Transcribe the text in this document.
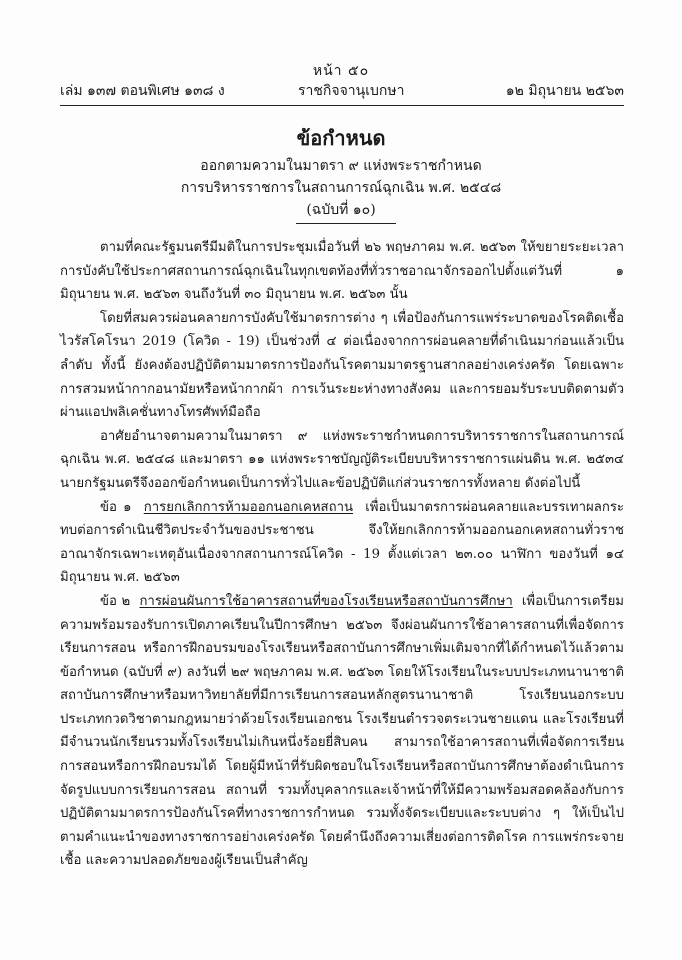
หน้า ๕๐
เล่ม ๑๓๗ ตอนพิเศษ ๑๓๘ ง	ราชกิจจานุเบกษา	๑๒ มิถุนายน ๒๕๖๓
ข้อกำหนด
ออกตามความในมาตรา ๙ แห่งพระราชกำหนด
การบริหารราชการในสถานการณ์ฉุกเฉิน พ.ศ. ๒๕๔๘
(ฉบับที่ ๑๐)

ตามที่คณะรัฐมนตรีมีมติในการประชุมเมื่อวันที่ ๒๖ พฤษภาคม พ.ศ. ๒๕๖๓ ให้ขยายระยะเวลาการบังคับใช้ประกาศสถานการณ์ฉุกเฉินในทุกเขตท้องที่ทั่วราชอาณาจักรออกไปตั้งแต่วันที่ ๑ มิถุนายน พ.ศ. ๒๕๖๓ จนถึงวันที่ ๓๐ มิถุนายน พ.ศ. ๒๕๖๓ นั้น

โดยที่สมควรผ่อนคลายการบังคับใช้มาตรการต่าง ๆ เพื่อป้องกันการแพร่ระบาดของโรคติดเชื้อไวรัสโคโรนา 2019 (โควิด - 19) เป็นช่วงที่ ๔ ต่อเนื่องจากการผ่อนคลายที่ดำเนินมาก่อนแล้วเป็นลำดับ ทั้งนี้ ยังคงต้องปฏิบัติตามมาตรการป้องกันโรคตามมาตรฐานสากลอย่างเคร่งครัด โดยเฉพาะการสวมหน้ากากอนามัยหรือหน้ากากผ้า การเว้นระยะห่างทางสังคม และการยอมรับระบบติดตามตัวผ่านแอปพลิเคชั่นทางโทรศัพท์มือถือ

อาศัยอำนาจตามความในมาตรา ๙ แห่งพระราชกำหนดการบริหารราชการในสถานการณ์ฉุกเฉิน พ.ศ. ๒๕๔๘ และมาตรา ๑๑ แห่งพระราชบัญญัติระเบียบบริหารราชการแผ่นดิน พ.ศ. ๒๕๓๔ นายกรัฐมนตรีจึงออกข้อกำหนดเป็นการทั่วไปและข้อปฏิบัติแก่ส่วนราชการทั้งหลาย ดังต่อไปนี้

ข้อ ๑ การยกเลิกการห้ามออกนอกเคหสถาน เพื่อเป็นมาตรการผ่อนคลายและบรรเทาผลกระทบต่อการดำเนินชีวิตประจำวันของประชาชน จึงให้ยกเลิกการห้ามออกนอกเคหสถานทั่วราชอาณาจักรเฉพาะเหตุอันเนื่องจากสถานการณ์โควิด - 19 ตั้งแต่เวลา ๒๓.๐๐ นาฬิกา ของวันที่ ๑๔ มิถุนายน พ.ศ. ๒๕๖๓

ข้อ ๒ การผ่อนผันการใช้อาคารสถานที่ของโรงเรียนหรือสถาบันการศึกษา เพื่อเป็นการเตรียมความพร้อมรองรับการเปิดภาคเรียนในปีการศึกษา ๒๕๖๓ จึงผ่อนผันการใช้อาคารสถานที่เพื่อจัดการเรียนการสอน หรือการฝึกอบรมของโรงเรียนหรือสถาบันการศึกษาเพิ่มเติมจากที่ได้กำหนดไว้แล้วตามข้อกำหนด (ฉบับที่ ๙) ลงวันที่ ๒๙ พฤษภาคม พ.ศ. ๒๕๖๓ โดยให้โรงเรียนในระบบประเภทนานาชาติ สถาบันการศึกษาหรือมหาวิทยาลัยที่มีการเรียนการสอนหลักสูตรนานาชาติ โรงเรียนนอกระบบประเภทกวดวิชาตามกฎหมายว่าด้วยโรงเรียนเอกชน โรงเรียนตำรวจตระเวนชายแดน และโรงเรียนที่มีจำนวนนักเรียนรวมทั้งโรงเรียนไม่เกินหนึ่งร้อยยี่สิบคน สามารถใช้อาคารสถานที่เพื่อจัดการเรียนการสอนหรือการฝึกอบรมได้ โดยผู้มีหน้าที่รับผิดชอบในโรงเรียนหรือสถาบันการศึกษาต้องดำเนินการจัดรูปแบบการเรียนการสอน สถานที่ รวมทั้งบุคลากรและเจ้าหน้าที่ให้มีความพร้อมสอดคล้องกับการปฏิบัติตามมาตรการป้องกันโรคที่ทางราชการกำหนด รวมทั้งจัดระเบียบและระบบต่าง ๆ ให้เป็นไปตามคำแนะนำของทางราชการอย่างเคร่งครัด โดยคำนึงถึงความเสี่ยงต่อการติดโรค การแพร่กระจายเชื้อ และความปลอดภัยของผู้เรียนเป็นสำคัญ
